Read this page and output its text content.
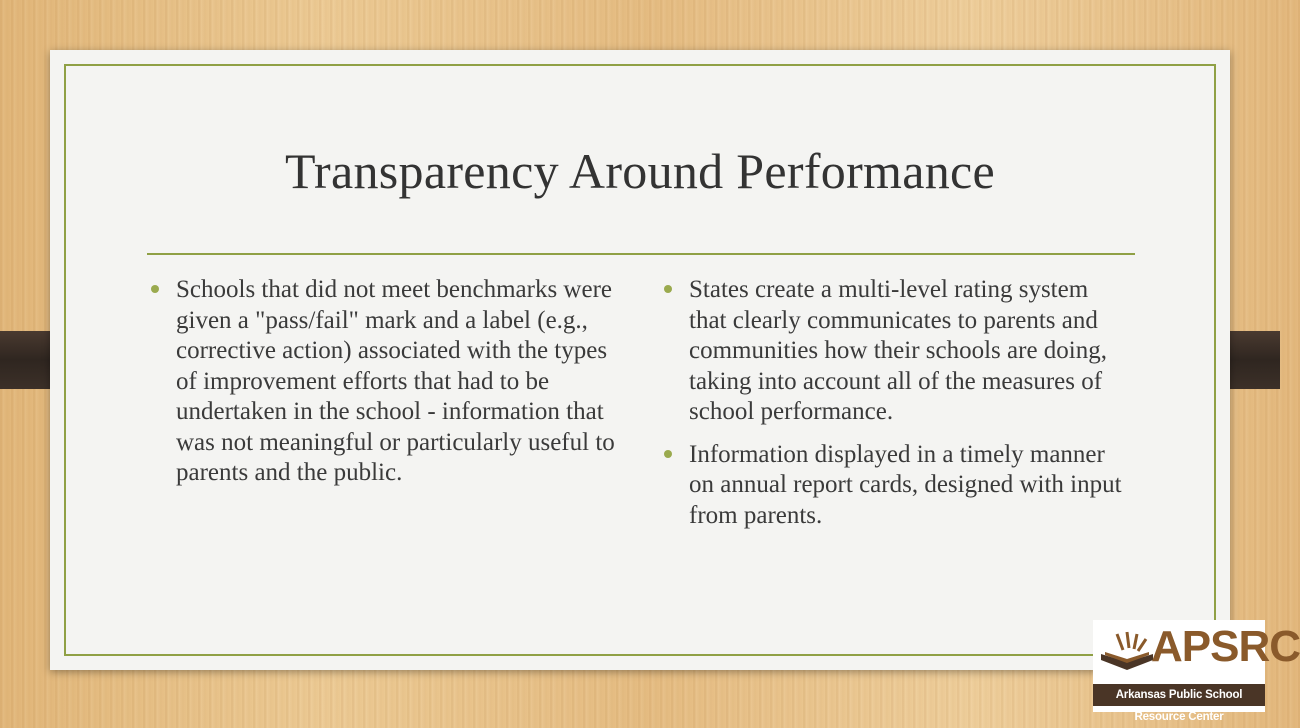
Transparency Around Performance
Schools that did not meet benchmarks were given a "pass/fail" mark and a label (e.g., corrective action) associated with the types of improvement efforts that had to be undertaken in the school - information that was not meaningful or particularly useful to parents and the public.
States create a multi-level rating system that clearly communicates to parents and communities how their schools are doing, taking into account all of the measures of school performance.
Information displayed in a timely manner on annual report cards, designed with input from parents.
APSRC
Arkansas Public School Resource Center
